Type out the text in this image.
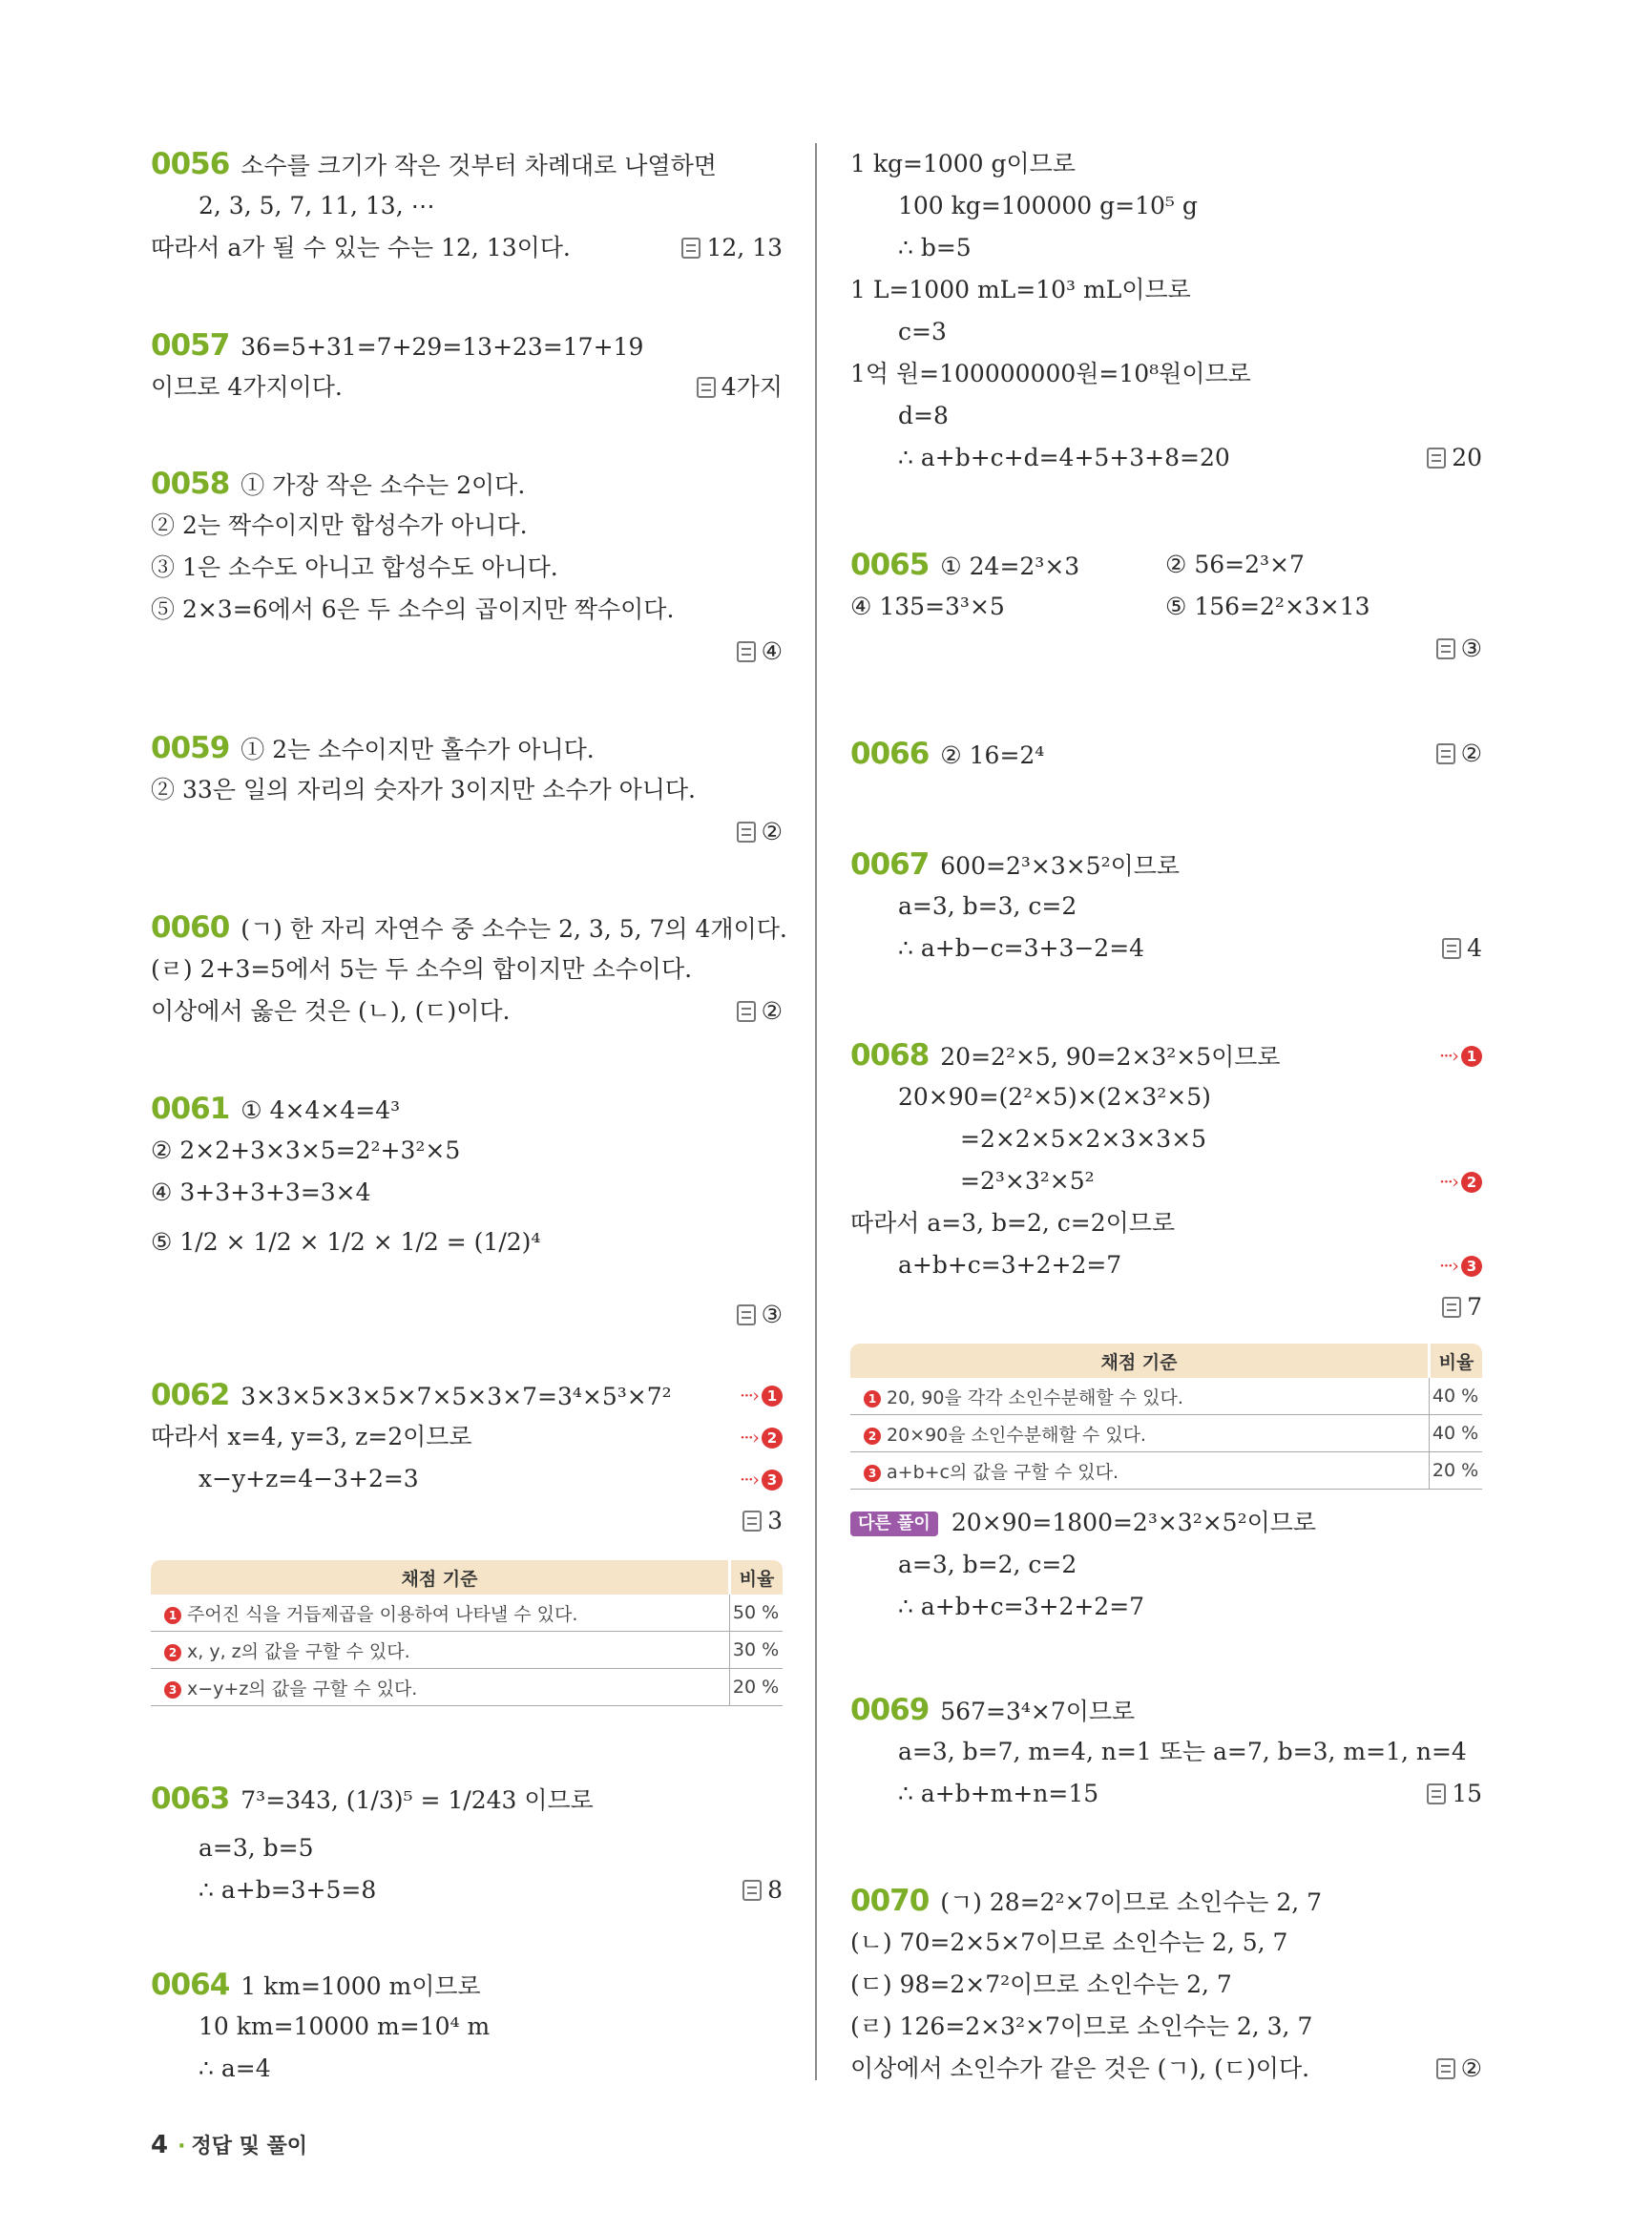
0056 소수를 크기가 작은 것부터 차례대로 나열하면
2, 3, 5, 7, 11, 13, ⋯
따라서 a가 될 수 있는 수는 12, 13이다.	12, 13
0057 36=5+31=7+29=13+23=17+19
이므로 4가지이다.	4가지
0058 ① 가장 작은 소수는 2이다.
② 2는 짝수이지만 합성수가 아니다.
③ 1은 소수도 아니고 합성수도 아니다.
⑤ 2×3=6에서 6은 두 소수의 곱이지만 짝수이다.
④
0059 ① 2는 소수이지만 홀수가 아니다.
② 33은 일의 자리의 숫자가 3이지만 소수가 아니다.
②
0060 (ㄱ) 한 자리 자연수 중 소수는 2, 3, 5, 7의 4개이다.
(ㄹ) 2+3=5에서 5는 두 소수의 합이지만 소수이다.
이상에서 옳은 것은 (ㄴ), (ㄷ)이다.	②
0061 ① 4×4×4=4³
② 2×2+3×3×5=2²+3²×5
④ 3+3+3+3=3×4
⑤ 1/2 × 1/2 × 1/2 × 1/2 = (1/2)⁴
③
0062 3×3×5×3×5×7×5×3×7=3⁴×5³×7²	···› 1
따라서 x=4, y=3, z=2이므로	···› 2
x−y+z=4−3+2=3	···› 3
3
채점 기준	비율
1 주어진 식을 거듭제곱을 이용하여 나타낼 수 있다.	50 %
2 x, y, z의 값을 구할 수 있다.	30 %
3 x−y+z의 값을 구할 수 있다.	20 %
0063 7³=343, (1/3)⁵ = 1/243 이므로
a=3, b=5
∴ a+b=3+5=8	8
0064 1 km=1000 m이므로
10 km=10000 m=10⁴ m
∴ a=4
1 kg=1000 g이므로
100 kg=100000 g=10⁵ g
∴ b=5
1 L=1000 mL=10³ mL이므로
c=3
1억 원=100000000원=10⁸원이므로
d=8
∴ a+b+c+d=4+5+3+8=20	20
0065 ① 24=2³×3	② 56=2³×7
④ 135=3³×5	⑤ 156=2²×3×13
③
0066 ② 16=2⁴	②
0067 600=2³×3×5²이므로
a=3, b=3, c=2
∴ a+b−c=3+3−2=4	4
0068 20=2²×5, 90=2×3²×5이므로	···› 1
20×90=(2²×5)×(2×3²×5)
=2×2×5×2×3×3×5
=2³×3²×5²	···› 2
따라서 a=3, b=2, c=2이므로
a+b+c=3+2+2=7	···› 3
7
채점 기준	비율
1 20, 90을 각각 소인수분해할 수 있다.	40 %
2 20×90을 소인수분해할 수 있다.	40 %
3 a+b+c의 값을 구할 수 있다.	20 %
다른 풀이 20×90=1800=2³×3²×5²이므로
a=3, b=2, c=2
∴ a+b+c=3+2+2=7
0069 567=3⁴×7이므로
a=3, b=7, m=4, n=1 또는 a=7, b=3, m=1, n=4
∴ a+b+m+n=15	15
0070 (ㄱ) 28=2²×7이므로 소인수는 2, 7
(ㄴ) 70=2×5×7이므로 소인수는 2, 5, 7
(ㄷ) 98=2×7²이므로 소인수는 2, 7
(ㄹ) 126=2×3²×7이므로 소인수는 2, 3, 7
이상에서 소인수가 같은 것은 (ㄱ), (ㄷ)이다.	②
4 · 정답 및 풀이
